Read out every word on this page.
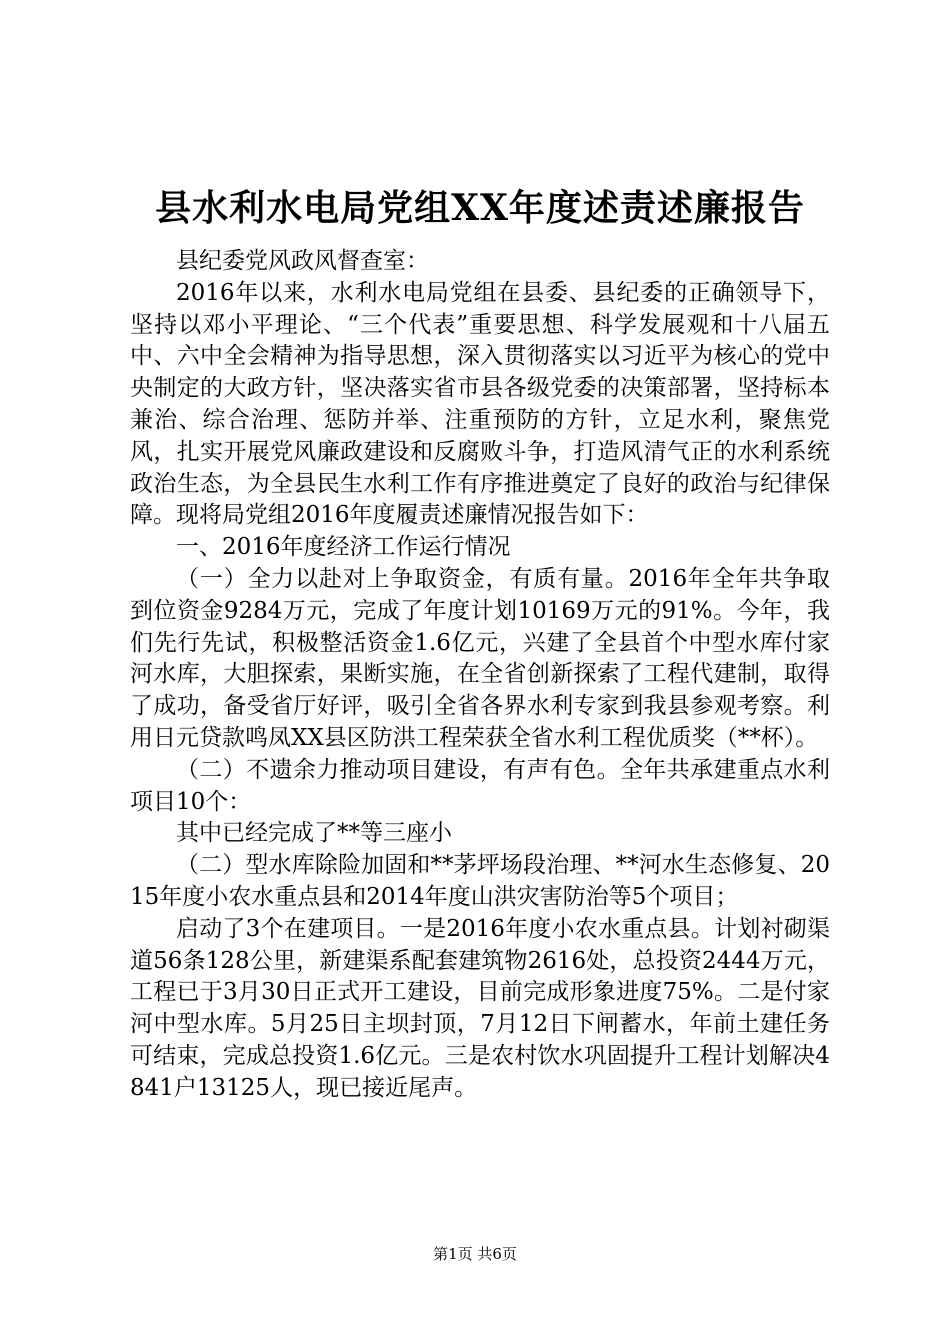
县水利水电局党组XX年度述责述廉报告

县纪委党风政风督查室：

2016年以来，水利水电局党组在县委、县纪委的正确领导下，坚持以邓小平理论、“三个代表”重要思想、科学发展观和十八届五中、六中全会精神为指导思想，深入贯彻落实以习近平为核心的党中央制定的大政方针，坚决落实省市县各级党委的决策部署，坚持标本兼治、综合治理、惩防并举、注重预防的方针，立足水利，聚焦党风，扎实开展党风廉政建设和反腐败斗争，打造风清气正的水利系统政治生态，为全县民生水利工作有序推进奠定了良好的政治与纪律保障。现将局党组2016年度履责述廉情况报告如下：

一、2016年度经济工作运行情况

（一）全力以赴对上争取资金，有质有量。2016年全年共争取到位资金9284万元，完成了年度计划10169万元的91%。今年，我们先行先试，积极整活资金1.6亿元，兴建了全县首个中型水库付家河水库，大胆探索，果断实施，在全省创新探索了工程代建制，取得了成功，备受省厅好评，吸引全省各界水利专家到我县参观考察。利用日元贷款鸣凤XX县区防洪工程荣获全省水利工程优质奖（**杯）。

（二）不遗余力推动项目建设，有声有色。全年共承建重点水利项目10个：

其中已经完成了**等三座小

（二）型水库除险加固和**茅坪场段治理、**河水生态修复、2015年度小农水重点县和2014年度山洪灾害防治等5个项目；

启动了3个在建项目。一是2016年度小农水重点县。计划衬砌渠道56条128公里，新建渠系配套建筑物2616处，总投资2444万元，工程已于3月30日正式开工建设，目前完成形象进度75%。二是付家河中型水库。5月25日主坝封顶，7月12日下闸蓄水，年前土建任务可结束，完成总投资1.6亿元。三是农村饮水巩固提升工程计划解决4841户13125人，现已接近尾声。

第1页 共6页
